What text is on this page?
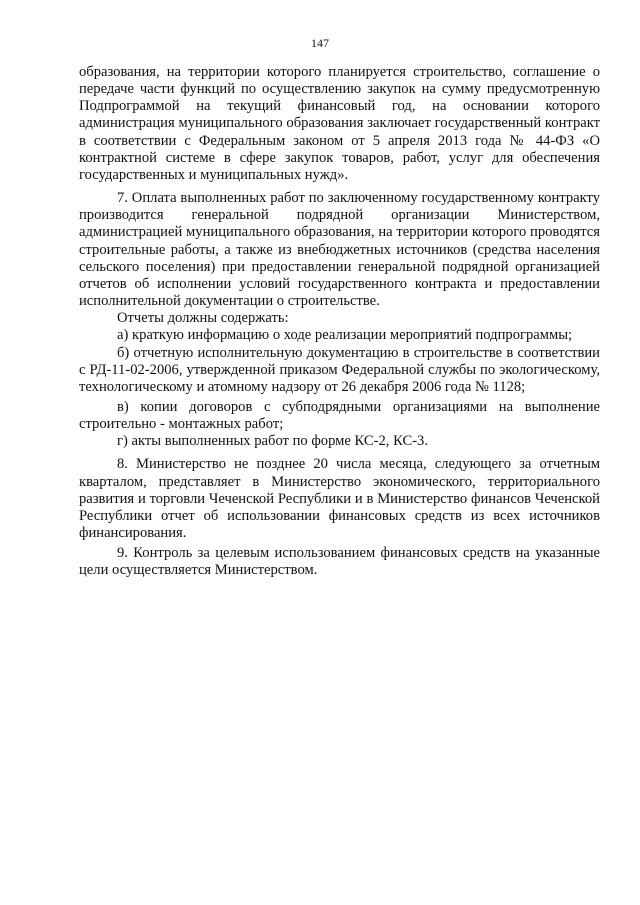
147

образования, на территории которого планируется строительство, соглашение о передаче части функций по осуществлению закупок на сумму предусмотренную Подпрограммой на текущий финансовый год, на основании которого администрация муниципального образования заключает государственный контракт в соответствии с Федеральным законом от 5 апреля 2013 года № 44-ФЗ «О контрактной системе в сфере закупок товаров, работ, услуг для обеспечения государственных и муниципальных нужд».

7. Оплата выполненных работ по заключенному государственному контракту производится генеральной подрядной организации Министерством, администрацией муниципального образования, на территории которого проводятся строительные работы, а также из внебюджетных источников (средства населения сельского поселения) при предоставлении генеральной подрядной организацией отчетов об исполнении условий государственного контракта и предоставлении исполнительной документации о строительстве.

Отчеты должны содержать:

а) краткую информацию о ходе реализации мероприятий подпрограммы;

б) отчетную исполнительную документацию в строительстве в соответствии с РД-11-02-2006, утвержденной приказом Федеральной службы по экологическому, технологическому и атомному надзору от 26 декабря 2006 года № 1128;

в) копии договоров с субподрядными организациями на выполнение строительно - монтажных работ;

г) акты выполненных работ по форме КС-2, КС-3.

8. Министерство не позднее 20 числа месяца, следующего за отчетным кварталом, представляет в Министерство экономического, территориального развития и торговли Чеченской Республики и в Министерство финансов Чеченской Республики отчет об использовании финансовых средств из всех источников финансирования.

9. Контроль за целевым использованием финансовых средств на указанные цели осуществляется Министерством.
